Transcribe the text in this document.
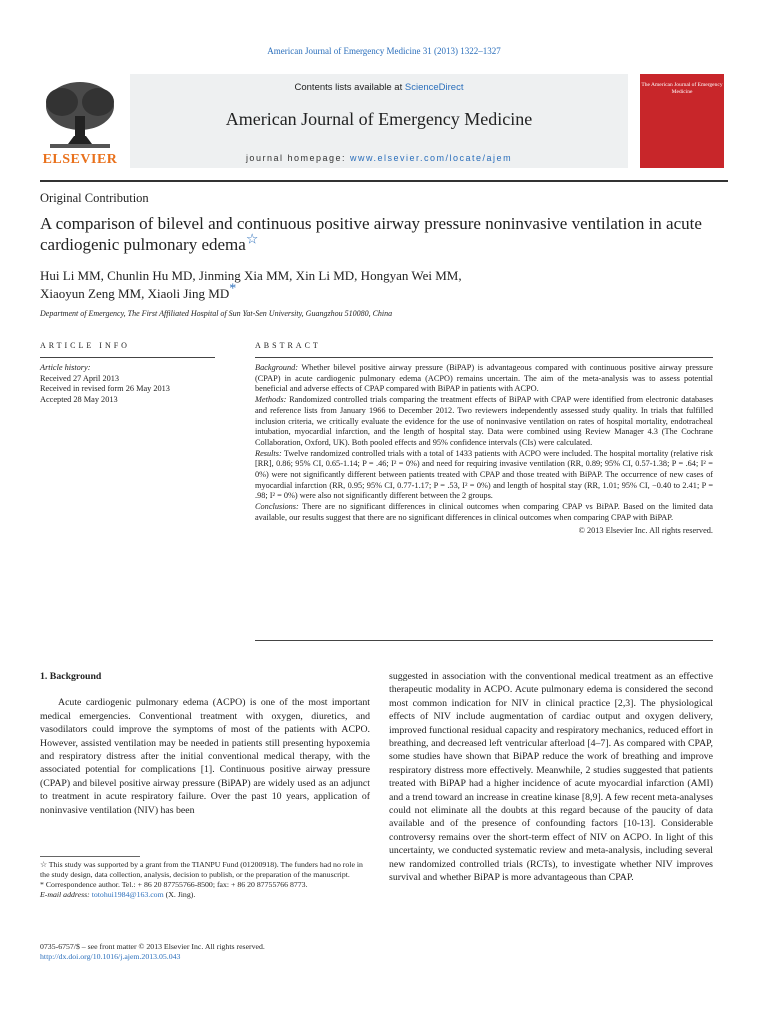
American Journal of Emergency Medicine 31 (2013) 1322–1327
ELSEVIER
Contents lists available at ScienceDirect
American Journal of Emergency Medicine
journal homepage: www.elsevier.com/locate/ajem
The American Journal of Emergency Medicine
Original Contribution
A comparison of bilevel and continuous positive airway pressure noninvasive ventilation in acute cardiogenic pulmonary edema☆
Hui Li MM, Chunlin Hu MD, Jinming Xia MM, Xin Li MD, Hongyan Wei MM,
Xiaoyun Zeng MM, Xiaoli Jing MD*
Department of Emergency, The First Affiliated Hospital of Sun Yat-Sen University, Guangzhou 510080, China
ARTICLE INFO	ABSTRACT
Article history:
Received 27 April 2013
Received in revised form 26 May 2013
Accepted 28 May 2013

Background: Whether bilevel positive airway pressure (BiPAP) is advantageous compared with continuous positive airway pressure (CPAP) in acute cardiogenic pulmonary edema (ACPO) remains uncertain. The aim of the meta-analysis was to assess potential beneficial and adverse effects of CPAP compared with BiPAP in patients with ACPO.

Methods: Randomized controlled trials comparing the treatment effects of BiPAP with CPAP were identified from electronic databases and reference lists from January 1966 to December 2012. Two reviewers independently assessed study quality. In trials that fulfilled inclusion criteria, we critically evaluate the evidence for the use of noninvasive ventilation on rates of hospital mortality, endotracheal intubation, myocardial infarction, and the length of hospital stay. Data were combined using Review Manager 4.3 (The Cochrane Collaboration, Oxford, UK). Both pooled effects and 95% confidence intervals (CIs) were calculated.

Results: Twelve randomized controlled trials with a total of 1433 patients with ACPO were included. The hospital mortality (relative risk [RR], 0.86; 95% CI, 0.65-1.14; P = .46; I² = 0%) and need for requiring invasive ventilation (RR, 0.89; 95% CI, 0.57-1.38; P = .64; I² = 0%) were not significantly different between patients treated with CPAP and those treated with BiPAP. The occurrence of new cases of myocardial infarction (RR, 0.95; 95% CI, 0.77-1.17; P = .53, I² = 0%) and length of hospital stay (RR, 1.01; 95% CI, −0.40 to 2.41; P = .98; I² = 0%) were also not significantly different between the 2 groups.

Conclusions: There are no significant differences in clinical outcomes when comparing CPAP vs BiPAP. Based on the limited data available, our results suggest that there are no significant differences in clinical outcomes when comparing CPAP with BiPAP.

© 2013 Elsevier Inc. All rights reserved.

1. Background

Acute cardiogenic pulmonary edema (ACPO) is one of the most important medical emergencies. Conventional treatment with oxygen, diuretics, and vasodilators could improve the symptoms of most of the patients with ACPO. However, assisted ventilation may be needed in patients still presenting hypoxemia and respiratory distress after the initial conventional medical therapy, with the associated potential for complications [1]. Continuous positive airway pressure (CPAP) and bilevel positive airway pressure (BiPAP) are widely used as an adjunct to treatment in acute respiratory failure. Over the past 10 years, application of noninvasive ventilation (NIV) has been

suggested in association with the conventional medical treatment as an effective therapeutic modality in ACPO. Acute pulmonary edema is considered the second most common indication for NIV in clinical practice [2,3]. The physiological effects of NIV include augmentation of cardiac output and oxygen delivery, improved functional residual capacity and respiratory mechanics, reduced effort in breathing, and decreased left ventricular afterload [4–7]. As compared with CPAP, some studies have shown that BiPAP reduce the work of breathing and improve respiratory distress more effectively. Meanwhile, 2 studies suggested that patients treated with BiPAP had a higher incidence of acute myocardial infarction (AMI) and a trend toward an increase in creatine kinase [8,9]. A few recent meta-analyses could not eliminate all the doubts at this regard because of the paucity of data available and of the presence of confounding factors [10-13]. Considerable controversy remains over the short-term effect of NIV on ACPO. In light of this uncertainty, we conducted systematic review and meta-analysis, including several new randomized controlled trials (RCTs), to investigate whether NIV improves survival and whether BiPAP is more advantageous than CPAP.

☆ This study was supported by a grant from the TIANPU Fund (01200918). The funders had no role in the study design, data collection, analysis, decision to publish, or the preparation of the manuscript.

* Correspondence author. Tel.: + 86 20 87755766-8500; fax: + 86 20 87755766 8773.

E-mail address: totohui1984@163.com (X. Jing).

0735-6757/$ – see front matter © 2013 Elsevier Inc. All rights reserved.
http://dx.doi.org/10.1016/j.ajem.2013.05.043
